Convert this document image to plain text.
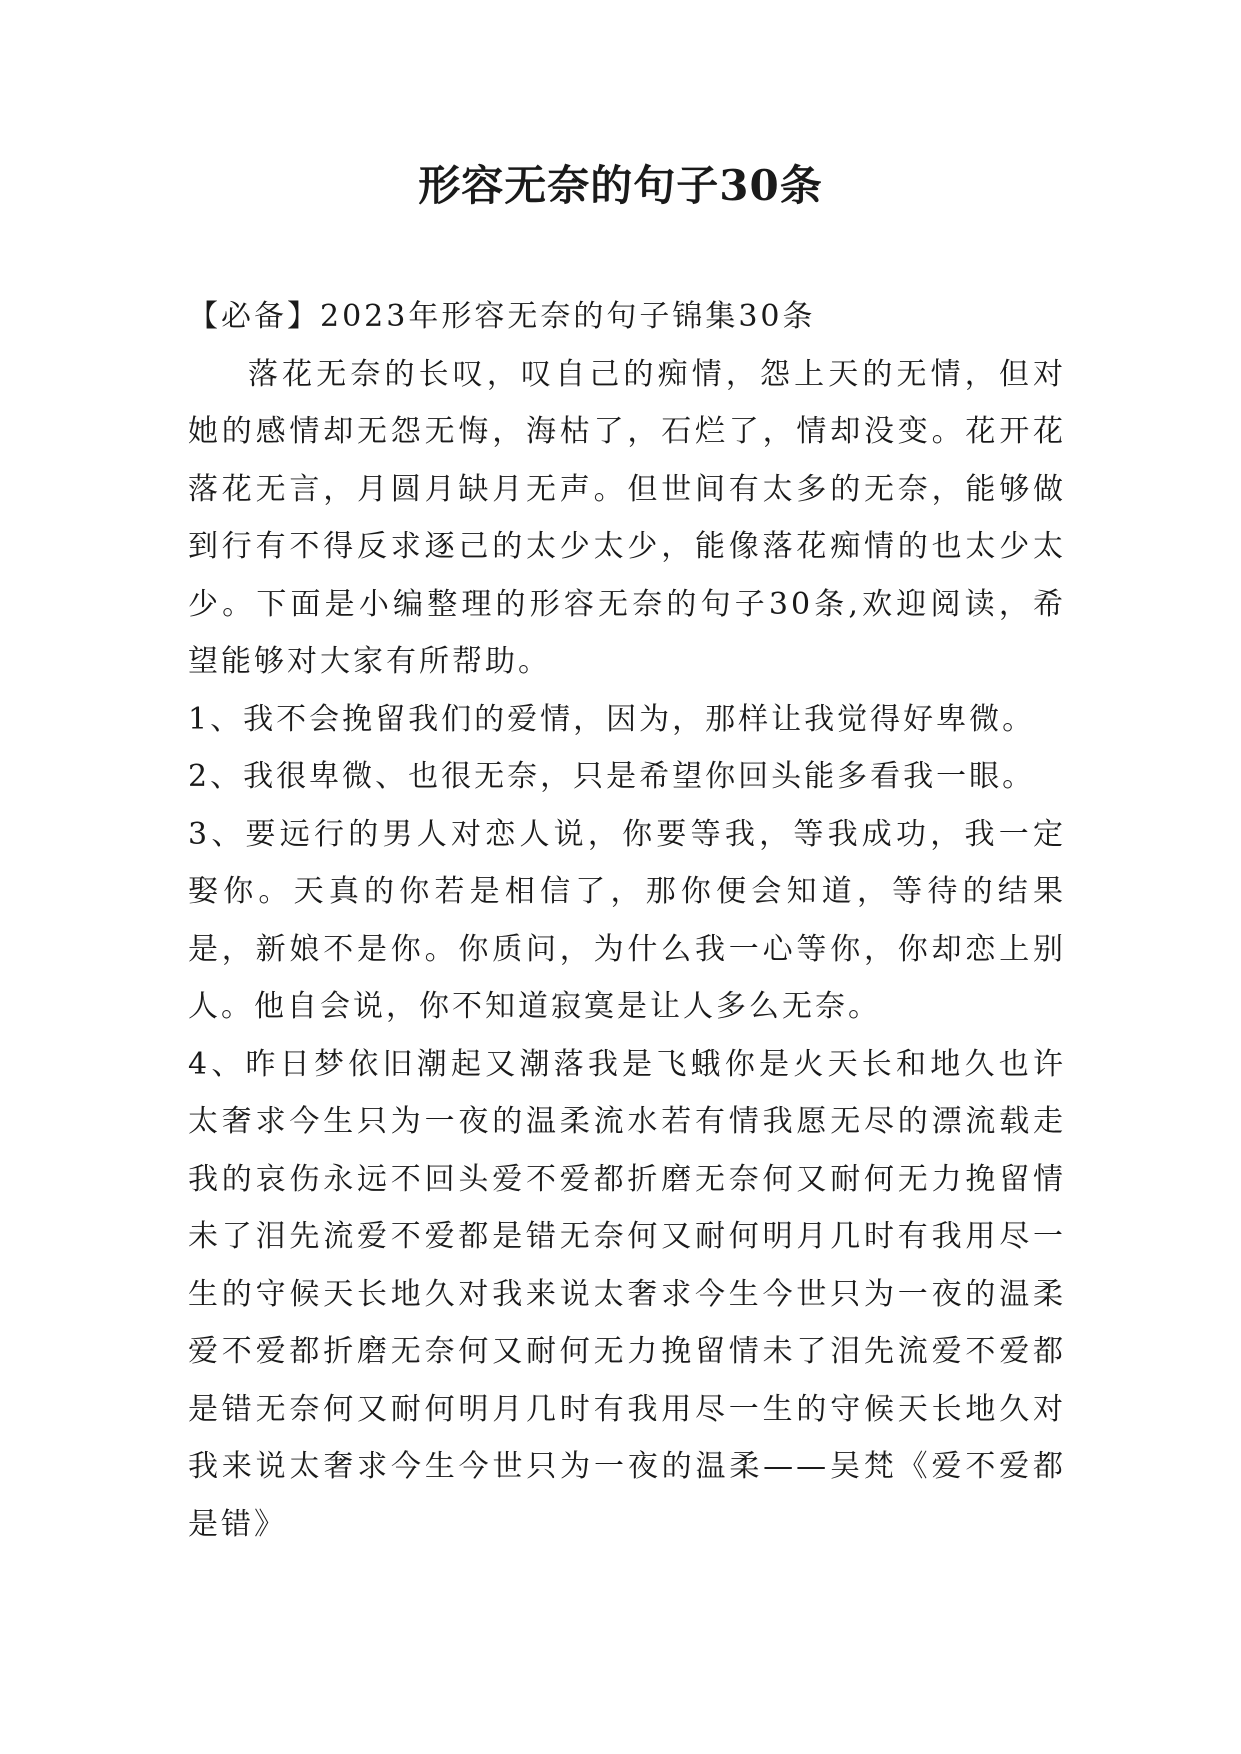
形容无奈的句子30条

【必备】2023年形容无奈的句子锦集30条

落花无奈的长叹，叹自己的痴情，怨上天的无情，但对她的感情却无怨无悔，海枯了，石烂了，情却没变。花开花落花无言，月圆月缺月无声。但世间有太多的无奈，能够做到行有不得反求逐己的太少太少，能像落花痴情的也太少太少。下面是小编整理的形容无奈的句子30条,欢迎阅读，希望能够对大家有所帮助。

1、我不会挽留我们的爱情，因为，那样让我觉得好卑微。

2、我很卑微、也很无奈，只是希望你回头能多看我一眼。

3、要远行的男人对恋人说，你要等我，等我成功，我一定娶你。天真的你若是相信了，那你便会知道，等待的结果是，新娘不是你。你质问，为什么我一心等你，你却恋上别人。他自会说，你不知道寂寞是让人多么无奈。

4、昨日梦依旧潮起又潮落我是飞蛾你是火天长和地久也许太奢求今生只为一夜的温柔流水若有情我愿无尽的漂流载走我的哀伤永远不回头爱不爱都折磨无奈何又耐何无力挽留情未了泪先流爱不爱都是错无奈何又耐何明月几时有我用尽一生的守候天长地久对我来说太奢求今生今世只为一夜的温柔爱不爱都折磨无奈何又耐何无力挽留情未了泪先流爱不爱都是错无奈何又耐何明月几时有我用尽一生的守候天长地久对我来说太奢求今生今世只为一夜的温柔——吴梵《爱不爱都是错》
